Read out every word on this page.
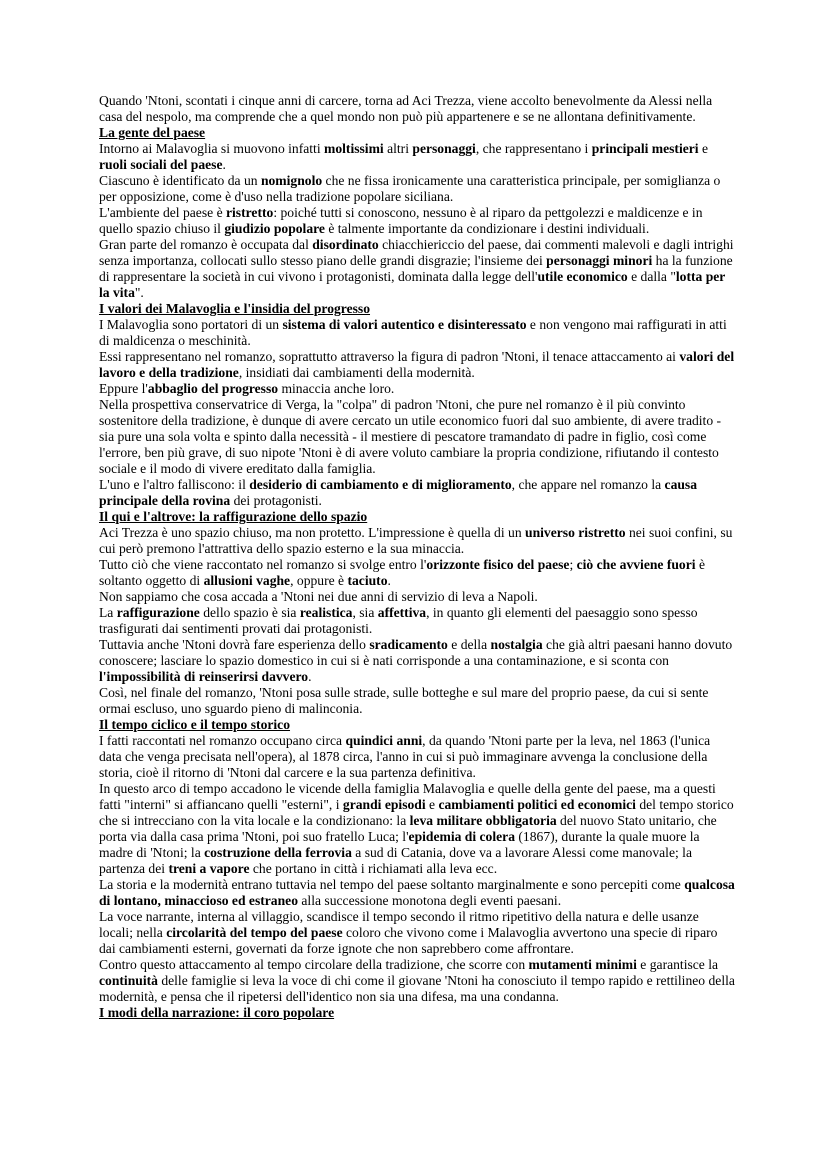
Quando 'Ntoni, scontati i cinque anni di carcere, torna ad Aci Trezza, viene accolto benevolmente da Alessi nella casa del nespolo, ma comprende che a quel mondo non può più appartenere e se ne allontana definitivamente.

La gente del paese

Intorno ai Malavoglia si muovono infatti moltissimi altri personaggi, che rappresentano i principali mestieri e ruoli sociali del paese.

Ciascuno è identificato da un nomignolo che ne fissa ironicamente una caratteristica principale, per somiglianza o per opposizione, come è d'uso nella tradizione popolare siciliana.

L'ambiente del paese è ristretto: poiché tutti si conoscono, nessuno è al riparo da pettgolezzi e maldicenze e in quello spazio chiuso il giudizio popolare è talmente importante da condizionare i destini individuali.

Gran parte del romanzo è occupata dal disordinato chiacchiericcio del paese, dai commenti malevoli e dagli intrighi senza importanza, collocati sullo stesso piano delle grandi disgrazie; l'insieme dei personaggi minori ha la funzione di rappresentare la società in cui vivono i protagonisti, dominata dalla legge dell'utile economico e dalla "lotta per la vita".

I valori dei Malavoglia e l'insidia del progresso

I Malavoglia sono portatori di un sistema di valori autentico e disinteressato e non vengono mai raffigurati in atti di maldicenza o meschinità.

Essi rappresentano nel romanzo, soprattutto attraverso la figura di padron 'Ntoni, il tenace attaccamento ai valori del lavoro e della tradizione, insidiati dai cambiamenti della modernità.

Eppure l'abbaglio del progresso minaccia anche loro.

Nella prospettiva conservatrice di Verga, la "colpa" di padron 'Ntoni, che pure nel romanzo è il più convinto sostenitore della tradizione, è dunque di avere cercato un utile economico fuori dal suo ambiente, di avere tradito - sia pure una sola volta e spinto dalla necessità - il mestiere di pescatore tramandato di padre in figlio, così come l'errore, ben più grave, di suo nipote 'Ntoni è di avere voluto cambiare la propria condizione, rifiutando il contesto sociale e il modo di vivere ereditato dalla famiglia.

L'uno e l'altro falliscono: il desiderio di cambiamento e di miglioramento, che appare nel romanzo la causa principale della rovina dei protagonisti.

Il qui e l'altrove: la raffigurazione dello spazio

Aci Trezza è uno spazio chiuso, ma non protetto. L'impressione è quella di un universo ristretto nei suoi confini, su cui però premono l'attrattiva dello spazio esterno e la sua minaccia.

Tutto ciò che viene raccontato nel romanzo si svolge entro l'orizzonte fisico del paese; ciò che avviene fuori è soltanto oggetto di allusioni vaghe, oppure è taciuto.

Non sappiamo che cosa accada a 'Ntoni nei due anni di servizio di leva a Napoli.

La raffigurazione dello spazio è sia realistica, sia affettiva, in quanto gli elementi del paesaggio sono spesso trasfigurati dai sentimenti provati dai protagonisti.

Tuttavia anche 'Ntoni dovrà fare esperienza dello sradicamento e della nostalgia che già altri paesani hanno dovuto conoscere; lasciare lo spazio domestico in cui si è nati corrisponde a una contaminazione, e si sconta con l'impossibilità di reinserirsi davvero.

Così, nel finale del romanzo, 'Ntoni posa sulle strade, sulle botteghe e sul mare del proprio paese, da cui si sente ormai escluso, uno sguardo pieno di malinconia.

Il tempo ciclico e il tempo storico

I fatti raccontati nel romanzo occupano circa quindici anni, da quando 'Ntoni parte per la leva, nel 1863 (l'unica data che venga precisata nell'opera), al 1878 circa, l'anno in cui si può immaginare avvenga la conclusione della storia, cioè il ritorno di 'Ntoni dal carcere e la sua partenza definitiva.

In questo arco di tempo accadono le vicende della famiglia Malavoglia e quelle della gente del paese, ma a questi fatti "interni" si affiancano quelli "esterni", i grandi episodi e cambiamenti politici ed economici del tempo storico che si intrecciano con la vita locale e la condizionano: la leva militare obbligatoria del nuovo Stato unitario, che porta via dalla casa prima 'Ntoni, poi suo fratello Luca; l'epidemia di colera (1867), durante la quale muore la madre di 'Ntoni; la costruzione della ferrovia a sud di Catania, dove va a lavorare Alessi come manovale; la partenza dei treni a vapore che portano in città i richiamati alla leva ecc.

La storia e la modernità entrano tuttavia nel tempo del paese soltanto marginalmente e sono percepiti come qualcosa di lontano, minaccioso ed estraneo alla successione monotona degli eventi paesani.

La voce narrante, interna al villaggio, scandisce il tempo secondo il ritmo ripetitivo della natura e delle usanze locali; nella circolarità del tempo del paese coloro che vivono come i Malavoglia avvertono una specie di riparo dai cambiamenti esterni, governati da forze ignote che non saprebbero come affrontare.

Contro questo attaccamento al tempo circolare della tradizione, che scorre con mutamenti minimi e garantisce la continuità delle famiglie si leva la voce di chi come il giovane 'Ntoni ha conosciuto il tempo rapido e rettilineo della modernità, e pensa che il ripetersi dell'identico non sia una difesa, ma una condanna.

I modi della narrazione: il coro popolare
